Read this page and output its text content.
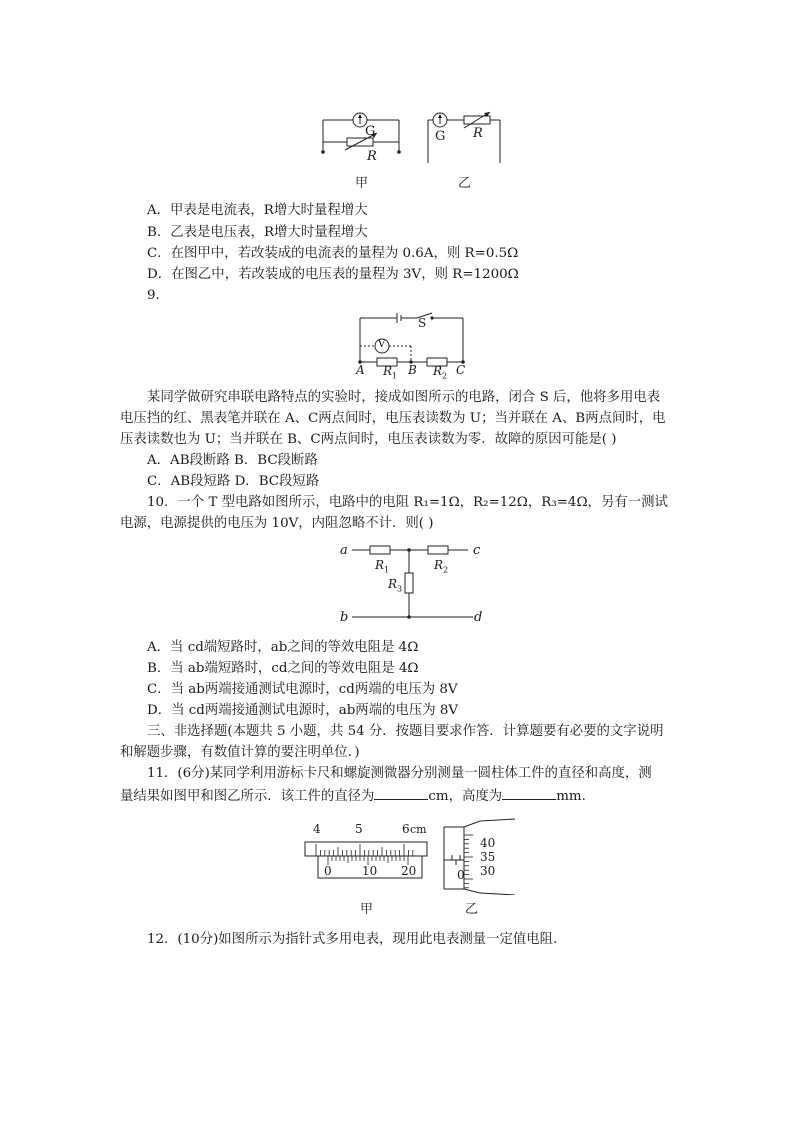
G
R
甲
G R
乙
A．甲表是电流表，R增大时量程增大
B．乙表是电压表，R增大时量程增大
C．在图甲中，若改装成的电流表的量程为 0.6A，则 R=0.5Ω
D．在图乙中，若改装成的电压表的量程为 3V，则 R=1200Ω
9.
S
V
A $R_1$ B $R_2$ C
某同学做研究串联电路特点的实验时，接成如图所示的电路，闭合 S 后，他将多用电表
电压挡的红、黑表笔并联在 A、C两点间时，电压表读数为 U；当并联在 A、B两点间时，电
压表读数也为 U；当并联在 B、C两点间时，电压表读数为零．故障的原因可能是( )
A．AB段断路 B．BC段断路
C．AB段短路 D．BC段短路
10．一个 T 型电路如图所示，电路中的电阻 R₁=1Ω，R₂=12Ω，R₃=4Ω，另有一测试
电源，电源提供的电压为 10V，内阻忽略不计．则( )
a	c
b	d
$R_1$	$R_2$
$R_3$
A．当 cd端短路时，ab之间的等效电阻是 4Ω
B．当 ab端短路时，cd之间的等效电阻是 4Ω
C．当 ab两端接通测试电源时，cd两端的电压为 8V
D．当 cd两端接通测试电源时，ab两端的电压为 8V
三、非选择题(本题共 5 小题，共 54 分．按题目要求作答．计算题要有必要的文字说明
和解题步骤，有数值计算的要注明单位．)
11．(6分)某同学利用游标卡尺和螺旋测微器分别测量一圆柱体工件的直径和高度，测
量结果如图甲和图乙所示．该工件的直径为	cm，高度为	mm.
4	5	6 cm
0	10 20
甲
40
35
30
0
乙
12．(10分)如图所示为指针式多用电表，现用此电表测量一定值电阻．
